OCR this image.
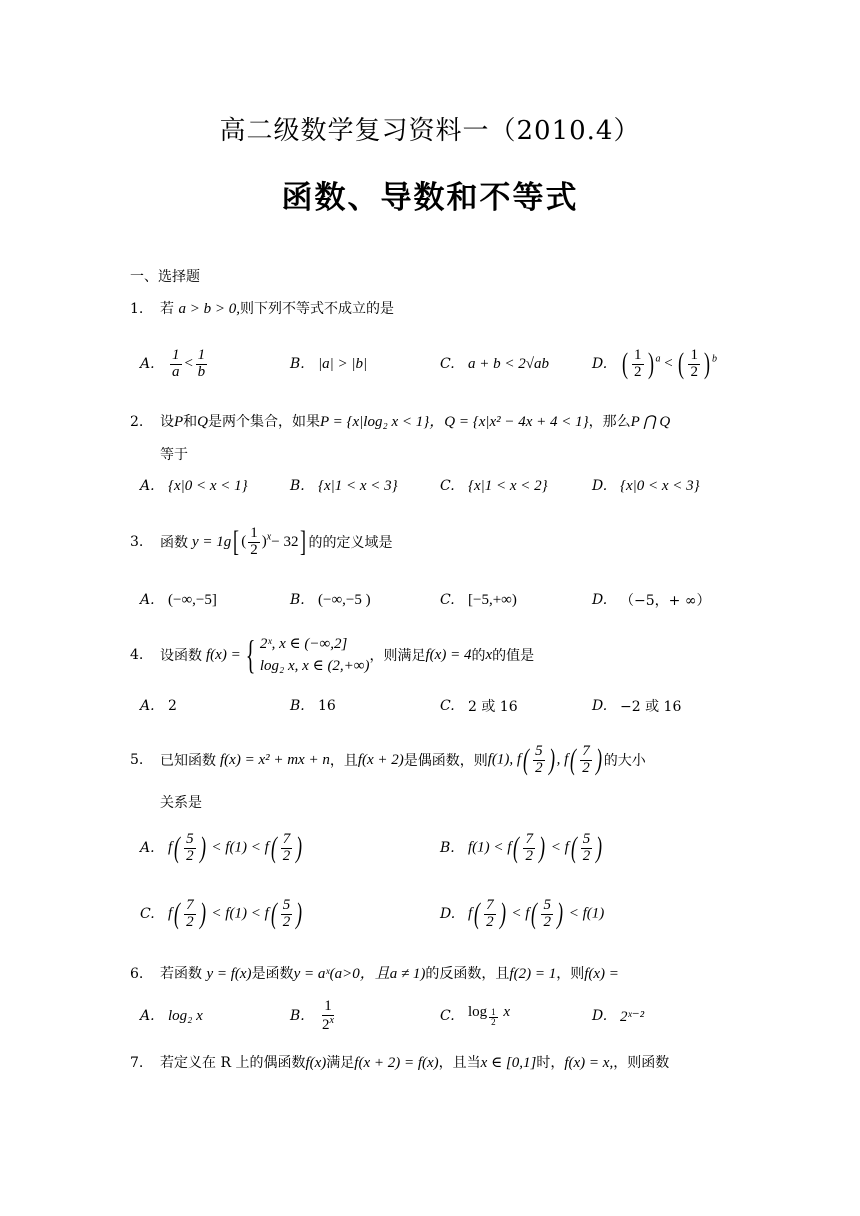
高二级数学复习资料一（2010.4）
函数、导数和不等式
一、选择题
1. 若 a > b > 0,则下列不等式不成立的是
A.	$\frac{1}{a} < \frac{1}{b}$	B. |a| > |b|	C. a + b < 2√ab	D. ( $\frac{1}{2}$ ) $^a$ < ( $\frac{1}{2}$ ) $^b$
2. 设P和Q是两个集合，如果P = {x|log₂ x < 1}，Q = {x|x² − 4x + 4 < 1}，那么P ⋂ Q
等于
A. {x|0 < x < 1}	B. {x|1 < x < 3}	C. {x|1 < x < 2}	D. {x|0 < x < 3}
3.	函数 y = 1g [ ( $\frac{1}{2} )^x - 32$ ] 的的定义域是
A. (−∞,−5]	B. (−∞,−5 )	C. [−5,+∞)	D. （−5，+ ∞）
4.	设函数 f(x) = { 2ˣ, x ∈ (−∞,2]
log₂ x, x ∈ (2,+∞)
，则满足 f(x) = 4 的 x 的值是
A. 2	B. 16	C. 2 或 16	D. −2 或 16
5.	已知函数 f(x) = x² + mx + n ，且 f(x + 2) 是偶函数，则 f(1), $f( \frac{5}{2}$ ) , $f( \frac{7}{2}$ ) 的大小
关系是
A. $f( \frac{5}{2}$ ) < $f(1) < f( \frac{7}{2}$ )	B. $f(1) < f( \frac{7}{2}$ ) < $f( \frac{5}{2}$ )
C. $f( \frac{7}{2}$ ) < $f(1) < f( \frac{5}{2}$ )	D. $f( \frac{7}{2}$ ) < $f( \frac{5}{2}$ ) < f(1)
6. 若函数 y = f(x)是函数y = aˣ(a>0，且a ≠ 1)的反函数，且f(2) = 1，则f(x) =
A. log₂ x	B.	$\frac{1}{2^x}$	C. log $_{\frac{1}{2}}$ x	D. 2ˣ⁻²
7. 若定义在 R 上的偶函数f(x)满足f(x + 2) = f(x)，且当x ∈ [0,1]时，f(x) = x,，则函数
